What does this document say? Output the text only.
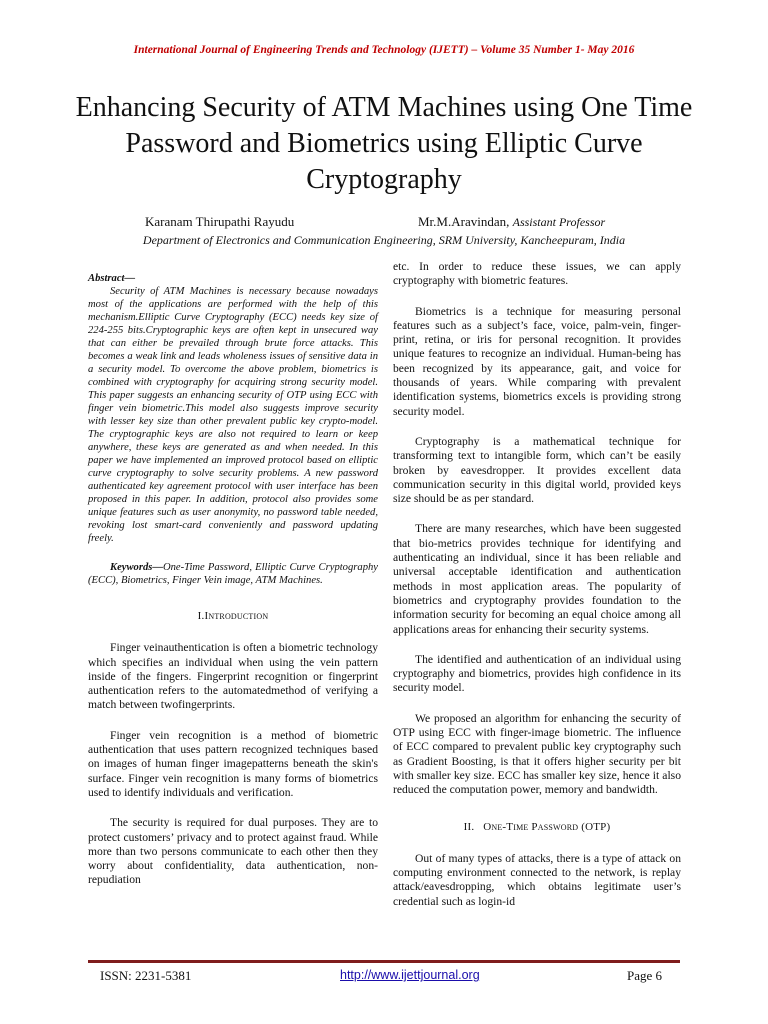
International Journal of Engineering Trends and Technology (IJETT) – Volume 35 Number 1- May 2016
Enhancing Security of ATM Machines using One Time Password and Biometrics using Elliptic Curve Cryptography
Karanam Thirupathi Rayudu	Mr.M.Aravindan, Assistant Professor
Department of Electronics and Communication Engineering, SRM University, Kancheepuram, India

Abstract—
Security of ATM Machines is necessary because nowadays most of the applications are performed with the help of this mechanism.Elliptic Curve Cryptography (ECC) needs key size of 224-255 bits.Cryptographic keys are often kept in unsecured way that can either be prevailed through brute force attacks. This becomes a weak link and leads wholeness issues of sensitive data in a security model. To overcome the above problem, biometrics is combined with cryptography for acquiring strong security model. This paper suggests an enhancing security of OTP using ECC with finger vein biometric.This model also suggests improve security with lesser key size than other prevalent public key crypto-model. The cryptographic keys are also not required to learn or keep anywhere, these keys are generated as and when needed. In this paper we have implemented an improved protocol based on elliptic curve cryptography to solve security problems. A new password authenticated key agreement protocol with user interface has been proposed in this paper. In addition, protocol also provides some unique features such as user anonymity, no password table needed, revoking lost smart-card conveniently and password updating freely.

Keywords—One-Time Password, Elliptic Curve Cryptography (ECC), Biometrics, Finger Vein image, ATM Machines.

I.Introduction

Finger veinauthentication is often a biometric technology which specifies an individual when using the vein pattern inside of the fingers. Fingerprint recognition or fingerprint authentication refers to the automatedmethod of verifying a match between twofingerprints.

Finger vein recognition is a method of biometric authentication that uses pattern recognized techniques based on images of human finger imagepatterns beneath the skin's surface. Finger vein recognition is many forms of biometrics used to identify individuals and verification.

The security is required for dual purposes. They are to protect customers’ privacy and to protect against fraud. While more than two persons communicate to each other then they worry about confidentiality, data authentication, non-repudiation

etc. In order to reduce these issues, we can apply cryptography with biometric features.

Biometrics is a technique for measuring personal features such as a subject’s face, voice, palm-vein, finger-print, retina, or iris for personal recognition. It provides unique features to recognize an individual. Human-being has been recognized by its appearance, gait, and voice for thousands of years. While comparing with prevalent identification systems, biometrics excels is providing strong security model.

Cryptography is a mathematical technique for transforming text to intangible form, which can’t be easily broken by eavesdropper. It provides excellent data communication security in this digital world, provided keys size should be as per standard.

There are many researches, which have been suggested that bio-metrics provides technique for identifying and authenticating an individual, since it has been reliable and universal acceptable identification and authentication methods in most application areas. The popularity of biometrics and cryptography provides foundation to the information security for becoming an equal choice among all applications areas for enhancing their security systems.

The identified and authentication of an individual using cryptography and biometrics, provides high confidence in its security model.

We proposed an algorithm for enhancing the security of OTP using ECC with finger-image biometric. The influence of ECC compared to prevalent public key cryptography such as Gradient Boosting, is that it offers higher security per bit with smaller key size. ECC has smaller key size, hence it also reduced the computation power, memory and bandwidth.

II. One-Time Password (OTP)

Out of many types of attacks, there is a type of attack on computing environment connected to the network, is replay attack/eavesdropping, which obtains legitimate user’s credential such as login-id

ISSN: 2231-5381	http://www.ijettjournal.org	Page 6
